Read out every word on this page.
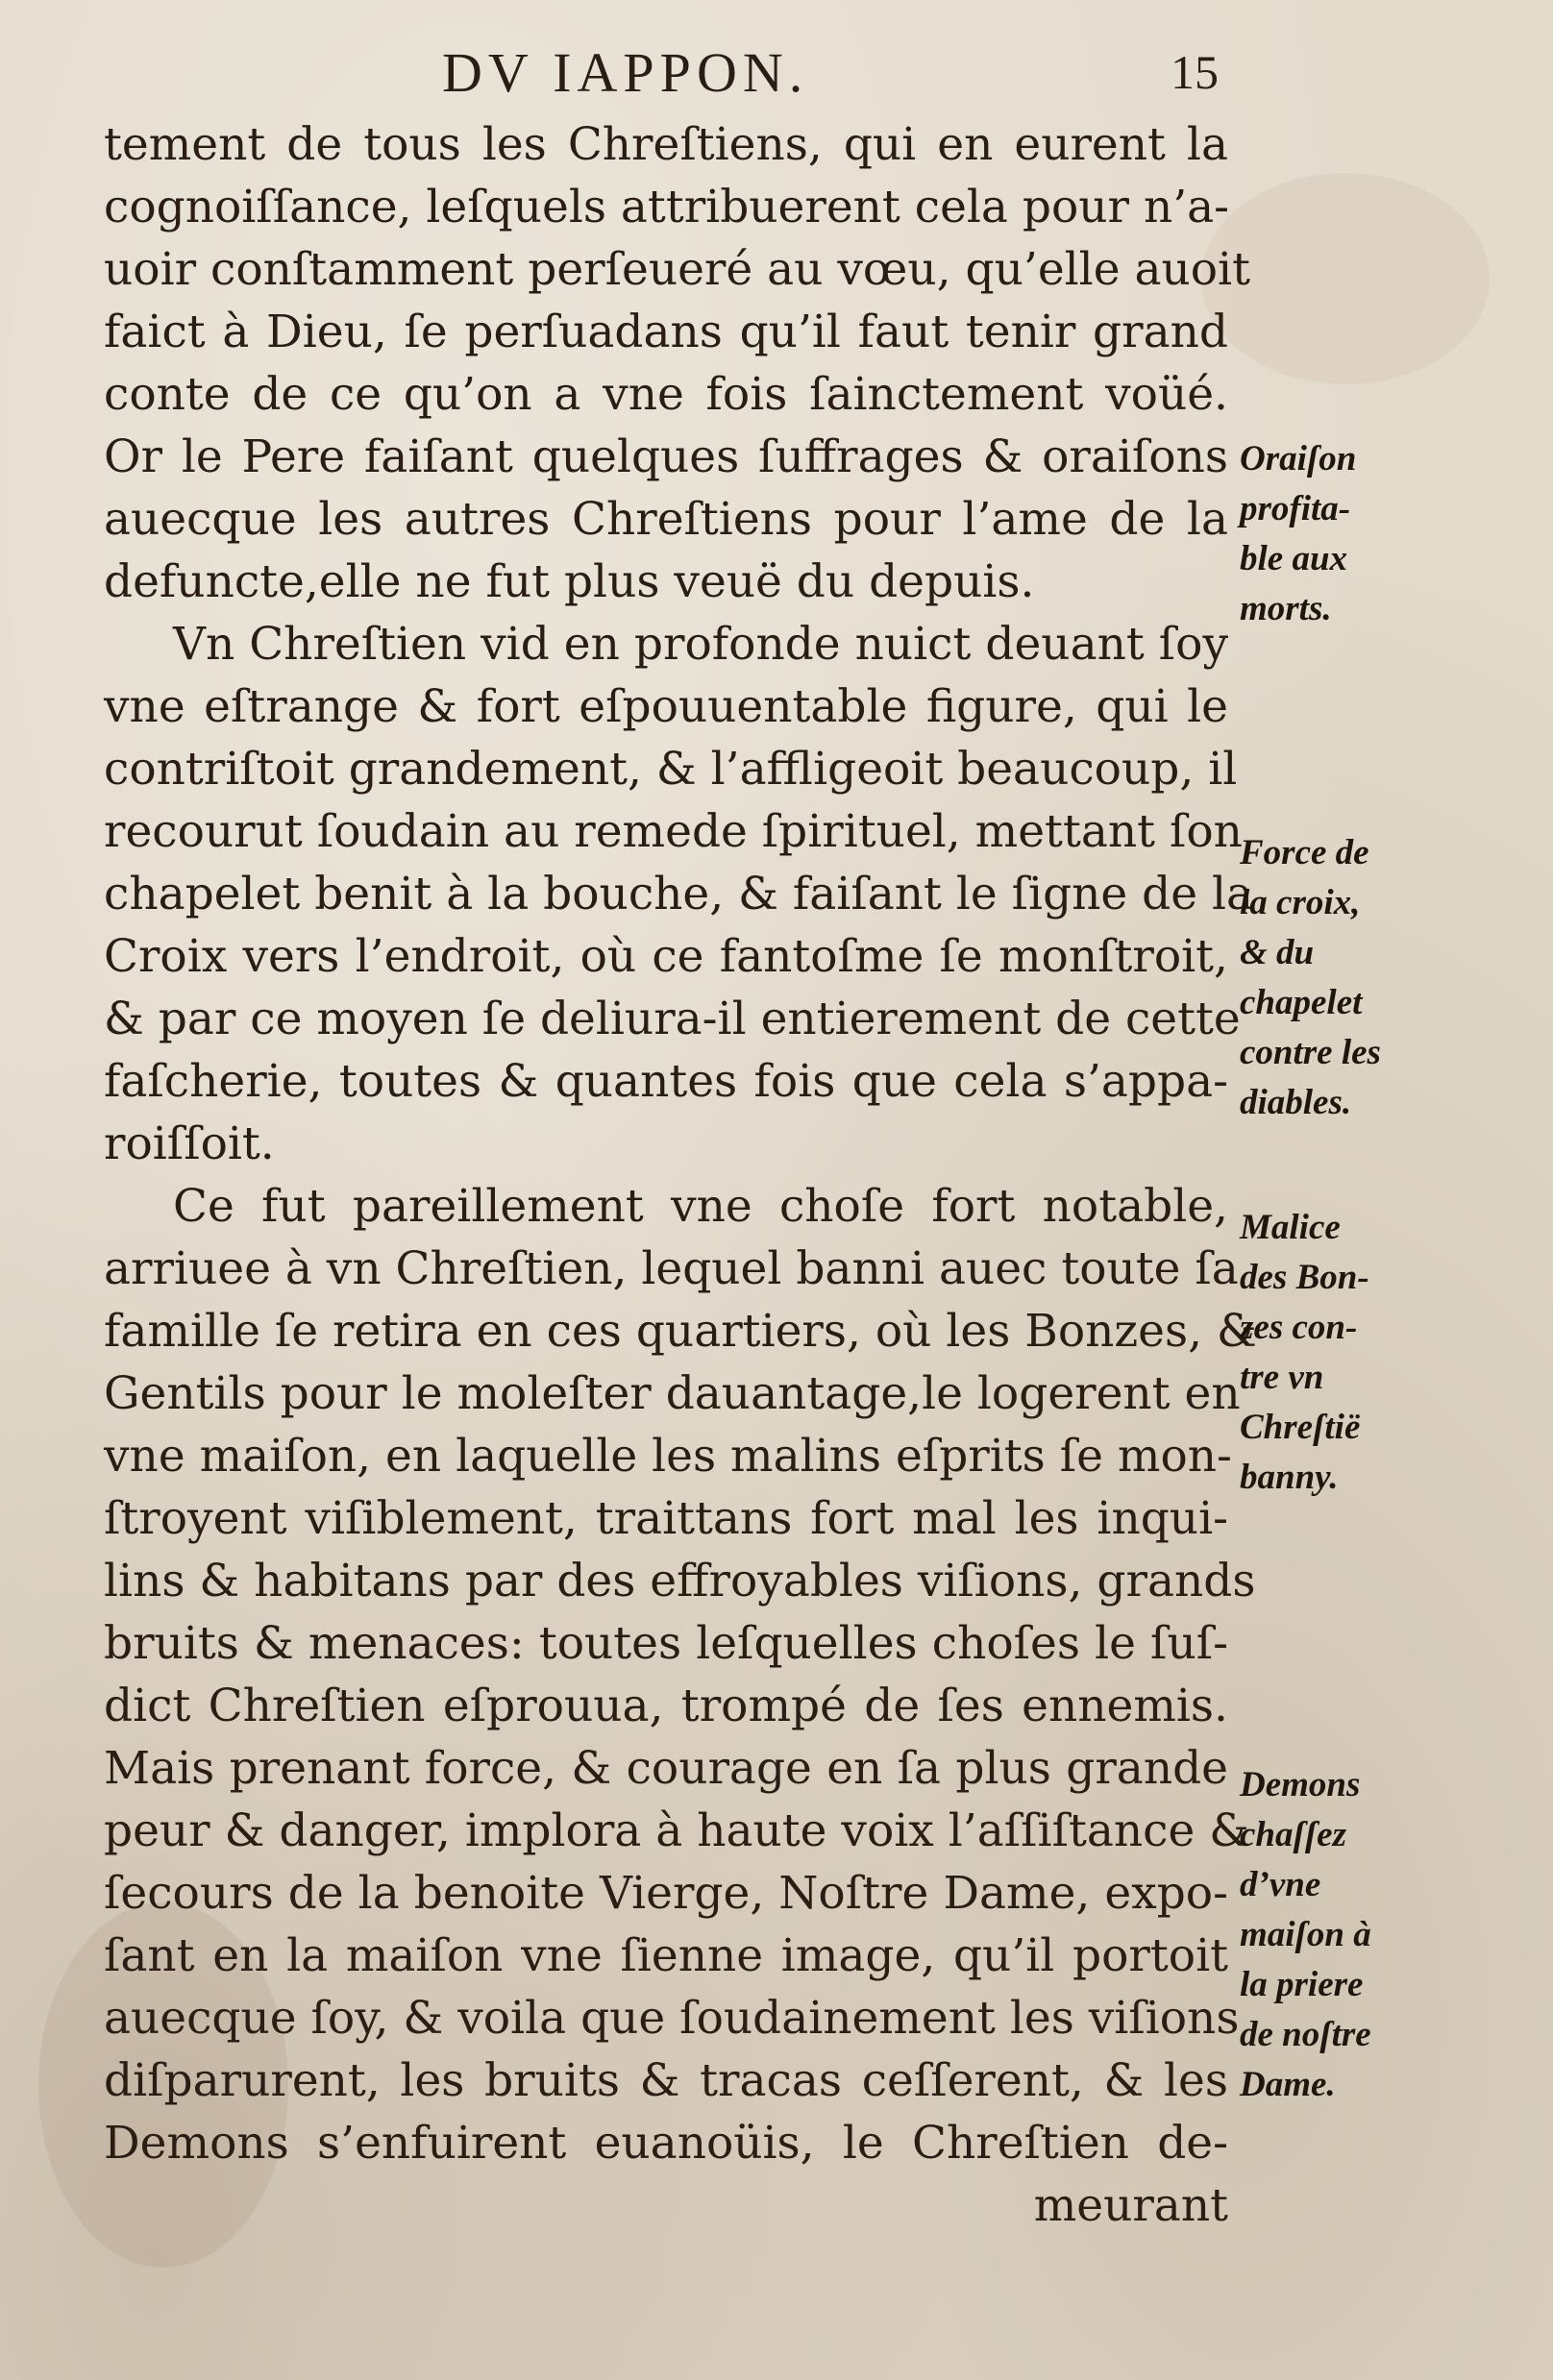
DV IAPPON.	15
tement de tous les Chreſtiens, qui en eurent la
cognoiſſance, leſquels attribuerent cela pour n’a-
uoir conſtamment perſeueré au vœu, qu’elle auoit
faict à Dieu, ſe perſuadans qu’il faut tenir grand
conte de ce qu’on a vne fois ſainctement voüé.
Or le Pere faiſant quelques ſuffrages & oraiſons
auecque les autres Chreſtiens pour l’ame de la
defuncte,elle ne fut plus veuë du depuis.
Vn Chreſtien vid en profonde nuict deuant ſoy
vne eſtrange & fort eſpouuentable figure, qui le
contriſtoit grandement, & l’affligeoit beaucoup, il
recourut ſoudain au remede ſpirituel, mettant ſon
chapelet benit à la bouche, & faiſant le ſigne de la
Croix vers l’endroit, où ce fantoſme ſe monſtroit,
& par ce moyen ſe deliura-il entierement de cette
faſcherie, toutes & quantes fois que cela s’appa-
roiſſoit.
Ce fut pareillement vne choſe fort notable,
arriuee à vn Chreſtien, lequel banni auec toute ſa
famille ſe retira en ces quartiers, où les Bonzes, &
Gentils pour le moleſter dauantage,le logerent en
vne maiſon, en laquelle les malins eſprits ſe mon-
ſtroyent viſiblement, traittans fort mal les inqui-
lins & habitans par des effroyables viſions, grands
bruits & menaces: toutes leſquelles choſes le ſuſ-
dict Chreſtien eſprouua, trompé de ſes ennemis.
Mais prenant force, & courage en ſa plus grande
peur & danger, implora à haute voix l’aſſiſtance &
ſecours de la benoite Vierge, Noſtre Dame, expo-
ſant en la maiſon vne ſienne image, qu’il portoit
auecque ſoy, & voila que ſoudainement les viſions
diſparurent, les bruits & tracas ceſſerent, & les
Demons s’enfuirent euanoüis, le Chreſtien de-
meurant
Oraiſon
profita-
ble aux
morts.
Force de
la croix,
& du
chapelet
contre les
diables.
Malice
des Bon-
zes con-
tre vn
Chreſtië
banny.
Demons
chaſſez
d’vne
maiſon à
la priere
de noſtre
Dame.
